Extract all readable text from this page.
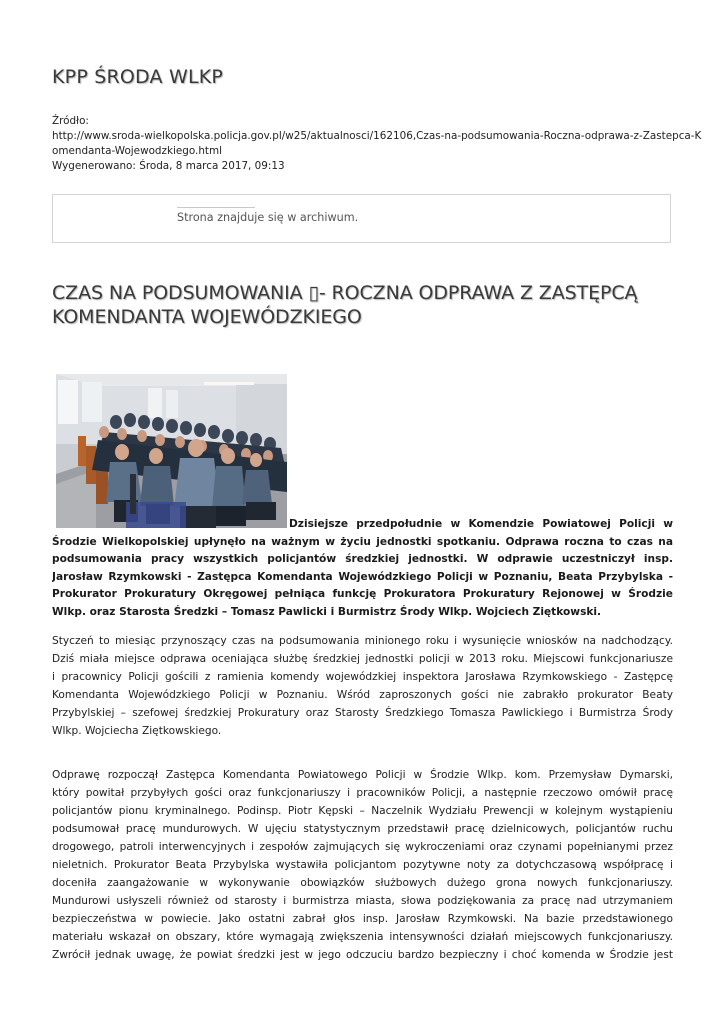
KPP ŚRODA WLKP
Źródło:
http://www.sroda-wielkopolska.policja.gov.pl/w25/aktualnosci/162106,Czas-na-podsumowania-Roczna-odprawa-z-Zastepca-K
omendanta-Wojewodzkiego.html
Wygenerowano: Środa, 8 marca 2017, 09:13
Strona znajduje się w archiwum.
CZAS NA PODSUMOWANIA ▯- ROCZNA ODPRAWA Z ZASTĘPCĄ
KOMENDANTA WOJEWÓDZKIEGO
Dzisiejsze przedpołudnie w Komendzie Powiatowej Policji w
Środzie Wielkopolskiej upłynęło na ważnym w życiu jednostki spotkaniu. Odprawa roczna to czas na
podsumowania pracy wszystkich policjantów średzkiej jednostki. W odprawie uczestniczył insp.
Jarosław Rzymkowski - Zastępca Komendanta Wojewódzkiego Policji w Poznaniu, Beata Przybylska -
Prokurator Prokuratury Okręgowej pełniąca funkcję Prokuratora Prokuratury Rejonowej w Środzie
Wlkp. oraz Starosta Średzki – Tomasz Pawlicki i Burmistrz Środy Wlkp. Wojciech Ziętkowski.
Styczeń to miesiąc przynoszący czas na podsumowania minionego roku i wysunięcie wniosków na nadchodzący.
Dziś miała miejsce odprawa oceniająca służbę średzkiej jednostki policji w 2013 roku. Miejscowi funkcjonariusze
i pracownicy Policji gościli z ramienia komendy wojewódzkiej inspektora Jarosława Rzymkowskiego - Zastępcę
Komendanta Wojewódzkiego Policji w Poznaniu. Wśród zaproszonych gości nie zabrakło prokurator Beaty
Przybylskiej – szefowej średzkiej Prokuratury oraz Starosty Średzkiego Tomasza Pawlickiego i Burmistrza Środy
Wlkp. Wojciecha Ziętkowskiego.
Odprawę rozpoczął Zastępca Komendanta Powiatowego Policji w Środzie Wlkp. kom. Przemysław Dymarski,
który powitał przybyłych gości oraz funkcjonariuszy i pracowników Policji, a następnie rzeczowo omówił pracę
policjantów pionu kryminalnego. Podinsp. Piotr Kępski – Naczelnik Wydziału Prewencji w kolejnym wystąpieniu
podsumował pracę mundurowych. W ujęciu statystycznym przedstawił pracę dzielnicowych, policjantów ruchu
drogowego, patroli interwencyjnych i zespołów zajmujących się wykroczeniami oraz czynami popełnianymi przez
nieletnich. Prokurator Beata Przybylska wystawiła policjantom pozytywne noty za dotychczasową współpracę i
doceniła zaangażowanie w wykonywanie obowiązków służbowych dużego grona nowych funkcjonariuszy.
Mundurowi usłyszeli również od starosty i burmistrza miasta, słowa podziękowania za pracę nad utrzymaniem
bezpieczeństwa w powiecie. Jako ostatni zabrał głos insp. Jarosław Rzymkowski. Na bazie przedstawionego
materiału wskazał on obszary, które wymagają zwiększenia intensywności działań miejscowych funkcjonariuszy.
Zwrócił jednak uwagę, że powiat średzki jest w jego odczuciu bardzo bezpieczny i choć komenda w Środzie jest
